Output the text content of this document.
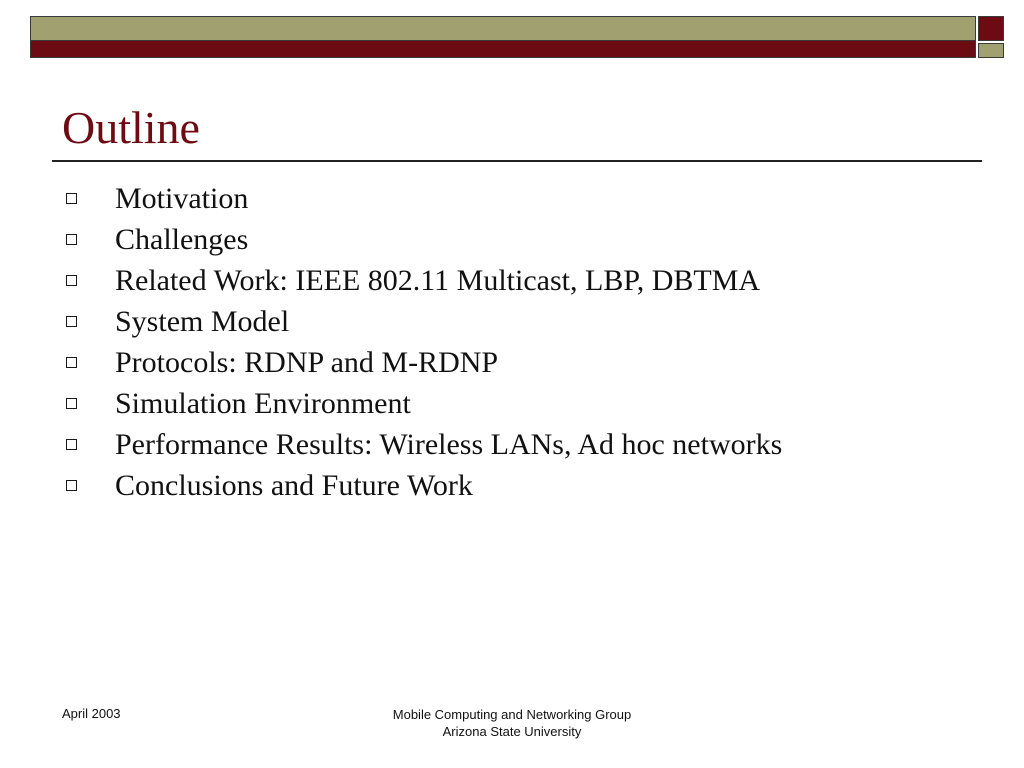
Outline
Motivation
Challenges
Related Work: IEEE 802.11 Multicast, LBP, DBTMA
System Model
Protocols: RDNP and M-RDNP
Simulation Environment
Performance Results: Wireless LANs, Ad hoc networks
Conclusions and Future Work
April 2003	Mobile Computing and Networking Group
Arizona State University
